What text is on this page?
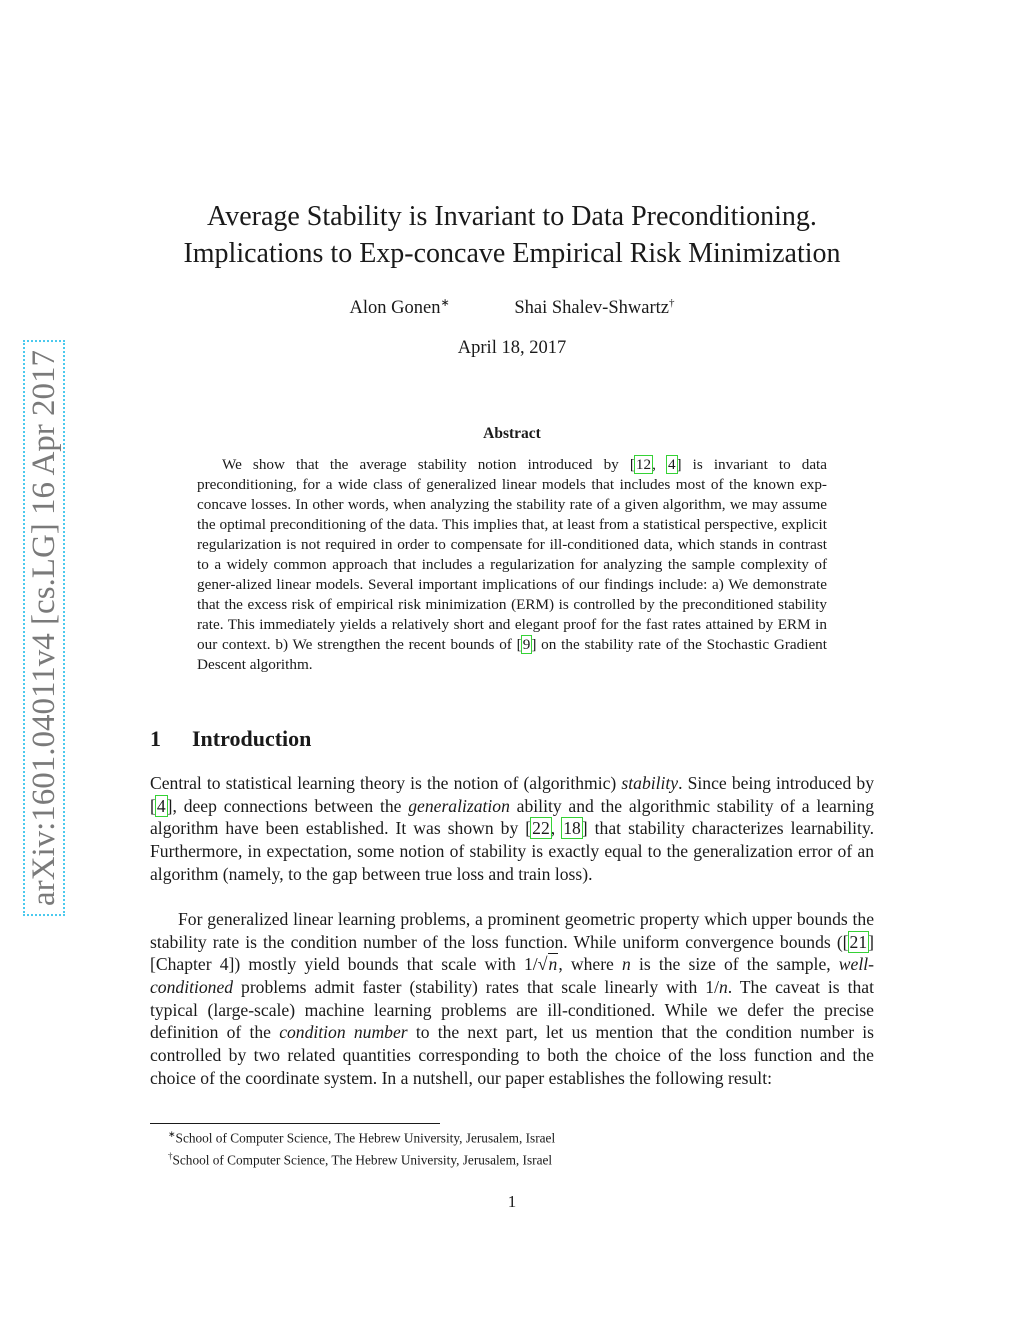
arXiv:1601.04011v4 [cs.LG] 16 Apr 2017
Average Stability is Invariant to Data Preconditioning.
Implications to Exp-concave Empirical Risk Minimization
Alon Gonen∗	Shai Shalev-Shwartz†
April 18, 2017
Abstract

We show that the average stability notion introduced by [12, 4] is invariant to data preconditioning, for a wide class of generalized linear models that includes most of the known exp-concave losses. In other words, when analyzing the stability rate of a given algorithm, we may assume the optimal preconditioning of the data. This implies that, at least from a statistical perspective, explicit regularization is not required in order to compensate for ill-conditioned data, which stands in contrast to a widely common approach that includes a regularization for analyzing the sample complexity of gener-alized linear models. Several important implications of our findings include: a) We demonstrate that the excess risk of empirical risk minimization (ERM) is controlled by the preconditioned stability rate. This immediately yields a relatively short and elegant proof for the fast rates attained by ERM in our context. b) We strengthen the recent bounds of [9] on the stability rate of the Stochastic Gradient Descent algorithm.

1 Introduction

Central to statistical learning theory is the notion of (algorithmic) stability. Since being introduced by [4], deep connections between the generalization ability and the algorithmic stability of a learning algorithm have been established. It was shown by [22, 18] that stability characterizes learnability. Furthermore, in expectation, some notion of stability is exactly equal to the generalization error of an algorithm (namely, to the gap between true loss and train loss).

For generalized linear learning problems, a prominent geometric property which upper bounds the stability rate is the condition number of the loss function. While uniform convergence bounds ([21][Chapter 4]) mostly yield bounds that scale with 1/√n, where n is the size of the sample, well-conditioned problems admit faster (stability) rates that scale linearly with 1/n. The caveat is that typical (large-scale) machine learning problems are ill-conditioned. While we defer the precise definition of the condition number to the next part, let us mention that the condition number is controlled by two related quantities corresponding to both the choice of the loss function and the choice of the coordinate system. In a nutshell, our paper establishes the following result:

∗School of Computer Science, The Hebrew University, Jerusalem, Israel
†School of Computer Science, The Hebrew University, Jerusalem, Israel
1
